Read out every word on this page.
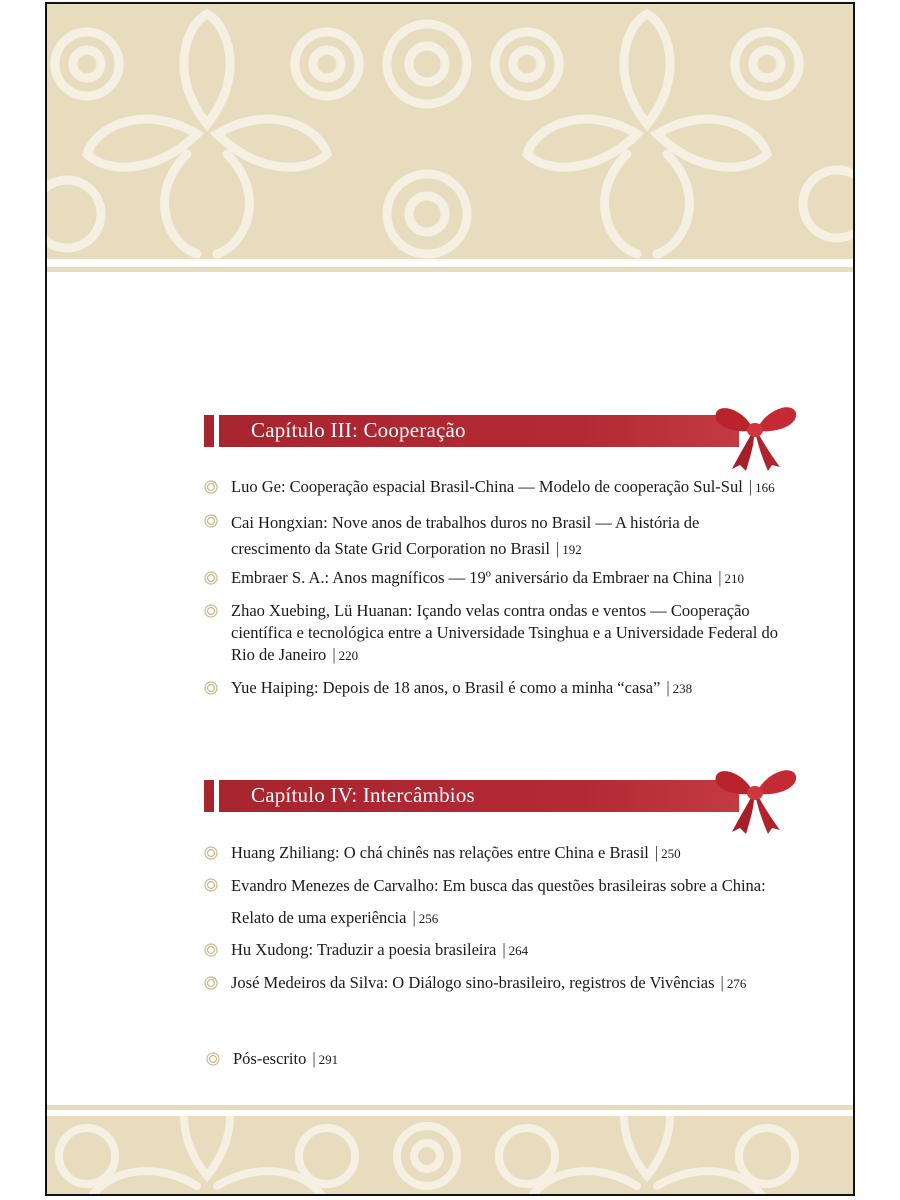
Capítulo III: Cooperação
Luo Ge: Cooperação espacial Brasil-China — Modelo de cooperação Sul-Sul | 166
Cai Hongxian: Nove anos de trabalhos duros no Brasil — A história de crescimento da State Grid Corporation no Brasil | 192
Embraer S. A.: Anos magníficos — 19º aniversário da Embraer na China | 210
Zhao Xuebing, Lü Huanan: Içando velas contra ondas e ventos — Cooperação científica e tecnológica entre a Universidade Tsinghua e a Universidade Federal do Rio de Janeiro | 220
Yue Haiping: Depois de 18 anos, o Brasil é como a minha “casa” | 238
Capítulo IV: Intercâmbios
Huang Zhiliang: O chá chinês nas relações entre China e Brasil | 250
Evandro Menezes de Carvalho: Em busca das questões brasileiras sobre a China: Relato de uma experiência | 256
Hu Xudong: Traduzir a poesia brasileira | 264
José Medeiros da Silva: O Diálogo sino-brasileiro, registros de Vivências | 276
Pós-escrito | 291
